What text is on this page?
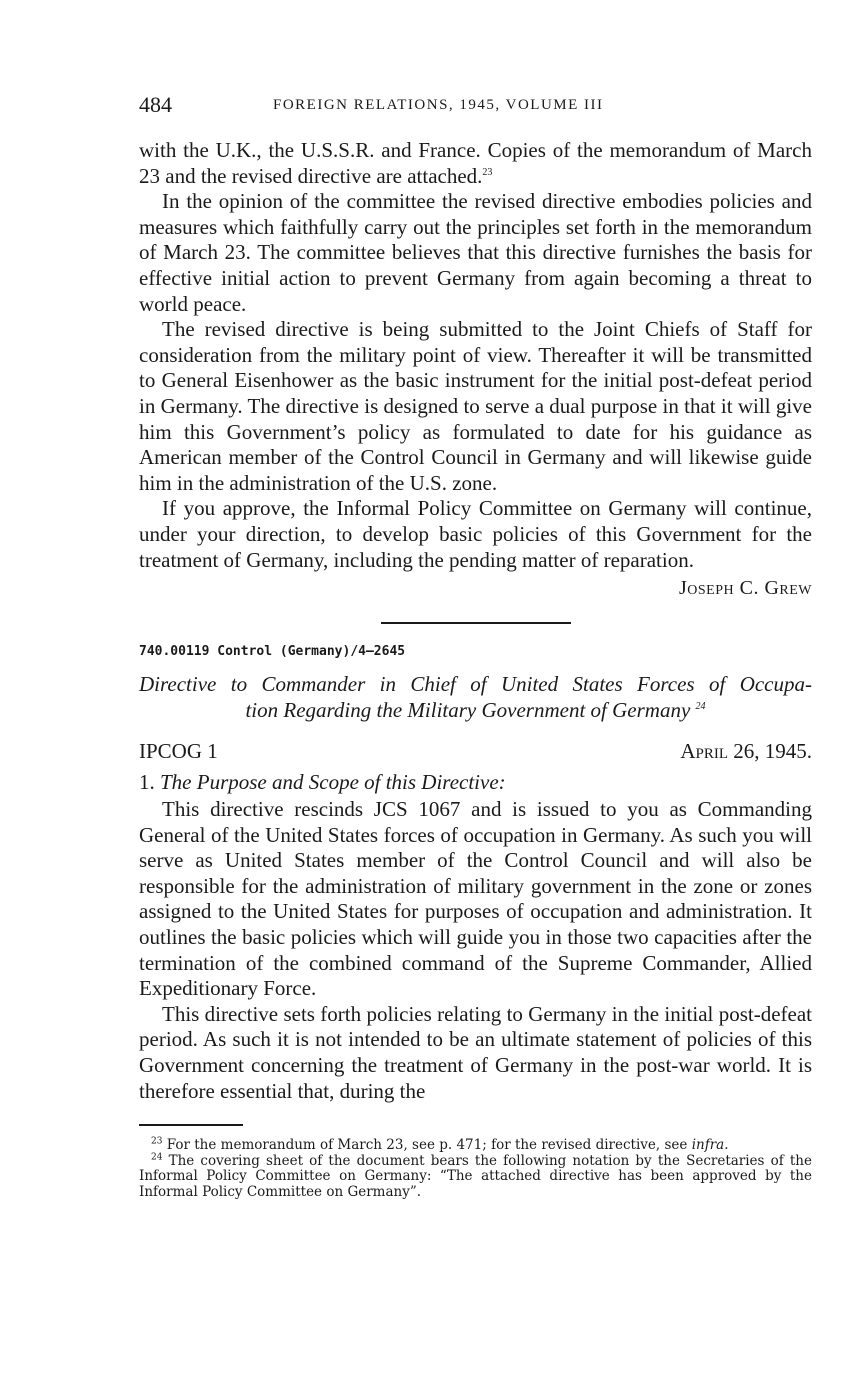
484	FOREIGN RELATIONS, 1945, VOLUME III

with the U.K., the U.S.S.R. and France. Copies of the memorandum of March 23 and the revised directive are attached.$^{23}$

In the opinion of the committee the revised directive embodies policies and measures which faithfully carry out the principles set forth in the memorandum of March 23. The committee believes that this directive furnishes the basis for effective initial action to prevent Germany from again becoming a threat to world peace.

The revised directive is being submitted to the Joint Chiefs of Staff for consideration from the military point of view. Thereafter it will be transmitted to General Eisenhower as the basic instrument for the initial post-defeat period in Germany. The directive is designed to serve a dual purpose in that it will give him this Government’s policy as formulated to date for his guidance as American member of the Control Council in Germany and will likewise guide him in the administration of the U.S. zone.

If you approve, the Informal Policy Committee on Germany will continue, under your direction, to develop basic policies of this Government for the treatment of Germany, including the pending matter of reparation.

Joseph C. Grew
740.00119 Control (Germany)/4–2645
Directive to Commander in Chief of United States Forces of Occupa-
tion Regarding the Military Government of Germany $^{24}$
IPCOG 1	April 26, 1945.
1. The Purpose and Scope of this Directive:

This directive rescinds JCS 1067 and is issued to you as Commanding General of the United States forces of occupation in Germany. As such you will serve as United States member of the Control Council and will also be responsible for the administration of military government in the zone or zones assigned to the United States for purposes of occupation and administration. It outlines the basic policies which will guide you in those two capacities after the termination of the combined command of the Supreme Commander, Allied Expeditionary Force.

This directive sets forth policies relating to Germany in the initial post-defeat period. As such it is not intended to be an ultimate statement of policies of this Government concerning the treatment of Germany in the post-war world. It is therefore essential that, during the

$^{23}$ For the memorandum of March 23, see p. 471; for the revised directive, see infra.

$^{24}$ The covering sheet of the document bears the following notation by the Secretaries of the Informal Policy Committee on Germany: “The attached directive has been approved by the Informal Policy Committee on Germany”.
